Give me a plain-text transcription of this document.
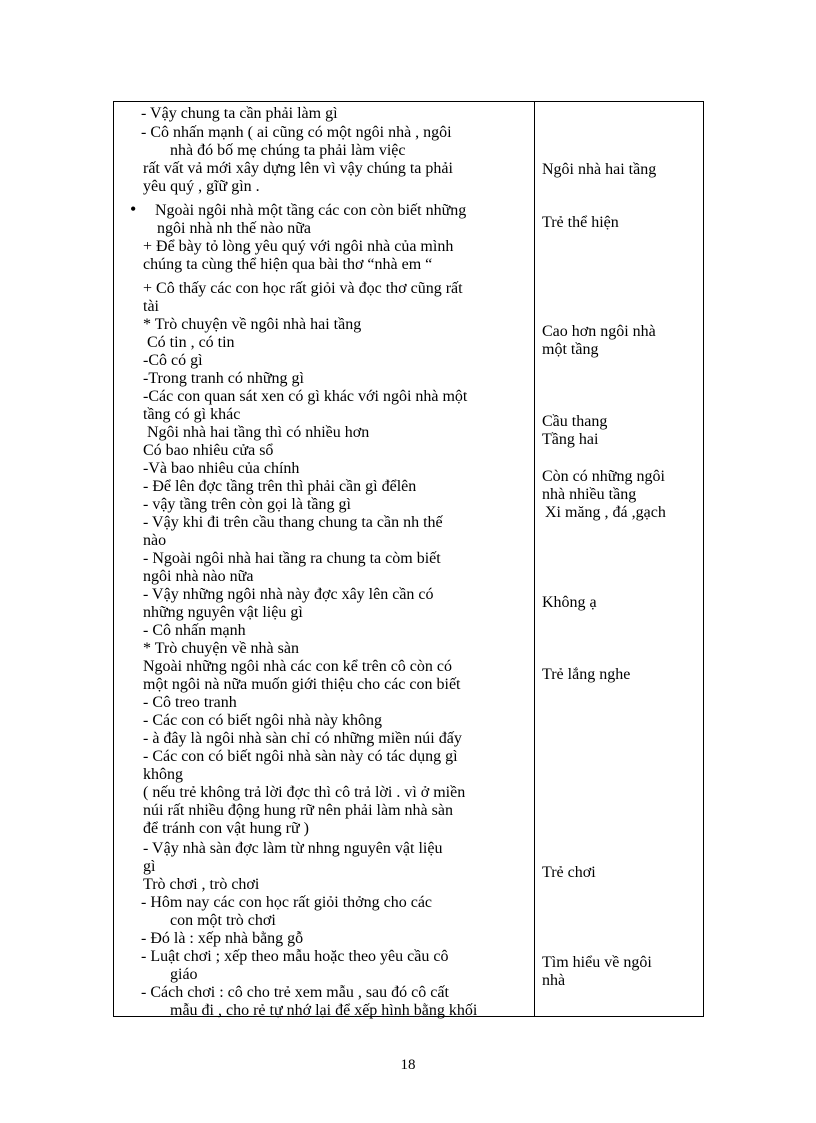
- Vậy chung ta cần phải làm gì
- Cô nhấn mạnh ( ai cũng có một ngôi nhà , ngôi
nhà đó bố mẹ chúng ta phải làm việc
rất vất vả mới xây dựng lên vì vậy chúng ta phải
yêu quý , gĩữ gìn .
• Ngoài ngôi nhà một tầng các con còn biết những
ngôi nhà nh thế nào nữa
+ Để bày tỏ lòng yêu quý với ngôi nhà của mình
chúng ta cùng thể hiện qua bài thơ “nhà em “
+ Cô thấy các con học rất giỏi và đọc thơ cũng rất
tài
* Trò chuyện về ngôi nhà hai tầng
Có tin , có tin
-Cô có gì
-Trong tranh có những gì
-Các con quan sát xen có gì khác với ngôi nhà một
tầng có gì khác
Ngôi nhà hai tầng thì có nhiều hơn
Có bao nhiêu cửa sổ
-Và bao nhiêu của chính
- Để lên đợc tầng trên thì phải cần gì đểlên
- vậy tầng trên còn gọi là tầng gì
- Vậy khi đi trên cầu thang chung ta cần nh thế
nào
- Ngoài ngôi nhà hai tầng ra chung ta còm biết
ngôi nhà nào nữa
- Vậy những ngôi nhà này đợc xây lên cần có
những nguyên vật liệu gì
- Cô nhấn mạnh
* Trò chuyện về nhà sàn
Ngoài những ngôi nhà các con kể trên cô còn có
một ngôi nà nữa muốn giới thiệu cho các con biết
- Cô treo tranh
- Các con có biết ngôi nhà này không
- à đây là ngôi nhà sàn chỉ có những miền núi đấy
- Các con có biết ngôi nhà sàn này có tác dụng gì
không
( nếu trẻ không trả lời đợc thì cô trả lời . vì ở miền
núi rất nhiều động hung rữ nên phải làm nhà sàn
để tránh con vật hung rữ )
- Vậy nhà sàn đợc làm từ nhng nguyên vật liệu
gì
Trò chơi , trò chơi
- Hôm nay các con học rất giỏi thởng cho các
con một trò chơi
- Đó là : xếp nhà bằng gỗ
- Luật chơi ; xếp theo mẫu hoặc theo yêu cầu cô
giáo
- Cách chơi : cô cho trẻ xem mẫu , sau đó cô cất
mẫu đi , cho rẻ tự nhớ lại để xếp hình bằng khối
Ngôi nhà hai tầng
Trẻ thể hiện
Cao hơn ngôi nhà
một tầng
Cầu thang
Tầng hai
Còn có những ngôi
nhà nhiều tầng
Xi măng , đá ,gạch
Không ạ
Trẻ lắng nghe
Trẻ chơi
Tìm hiểu về ngôi
nhà
18
